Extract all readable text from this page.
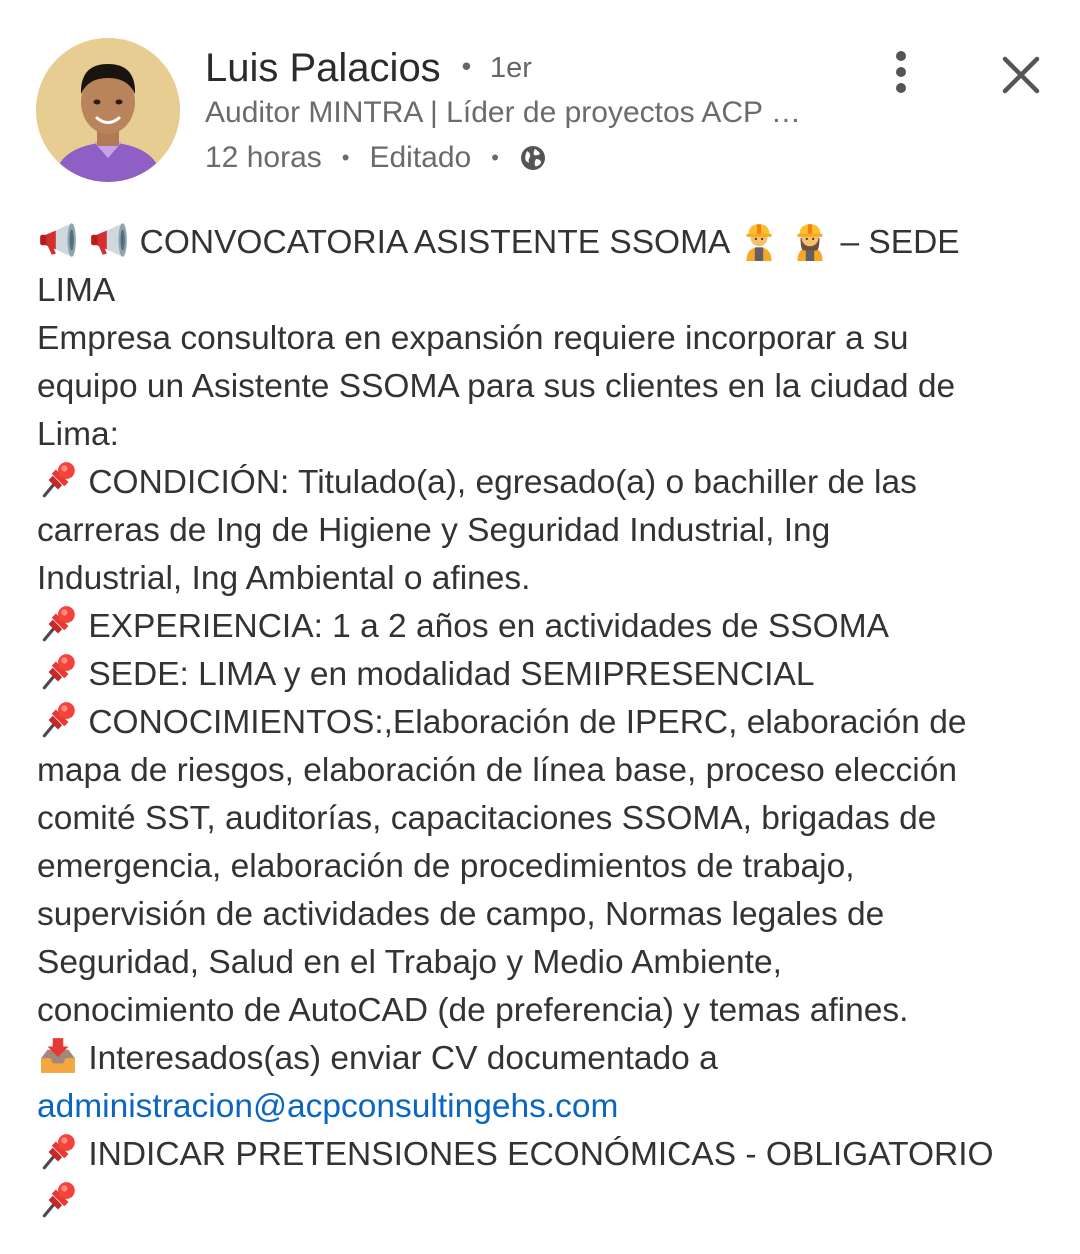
Luis Palacios • 1er
Auditor MINTRA | Líder de proyectos ACP …
12 horas • Editado •
CONVOCATORIA ASISTENTE SSOMA	– SEDE
LIMA
Empresa consultora en expansión requiere incorporar a su
equipo un Asistente SSOMA para sus clientes en la ciudad de
Lima:
CONDICIÓN: Titulado(a), egresado(a) o bachiller de las
carreras de Ing de Higiene y Seguridad Industrial, Ing
Industrial, Ing Ambiental o afines.
EXPERIENCIA: 1 a 2 años en actividades de SSOMA
SEDE: LIMA y en modalidad SEMIPRESENCIAL
CONOCIMIENTOS:,Elaboración de IPERC, elaboración de
mapa de riesgos, elaboración de línea base, proceso elección
comité SST, auditorías, capacitaciones SSOMA, brigadas de
emergencia, elaboración de procedimientos de trabajo,
supervisión de actividades de campo, Normas legales de
Seguridad, Salud en el Trabajo y Medio Ambiente,
conocimiento de AutoCAD (de preferencia) y temas afines.
Interesados(as) enviar CV documentado a
administracion@acpconsultingehs.com
INDICAR PRETENSIONES ECONÓMICAS - OBLIGATORIO
